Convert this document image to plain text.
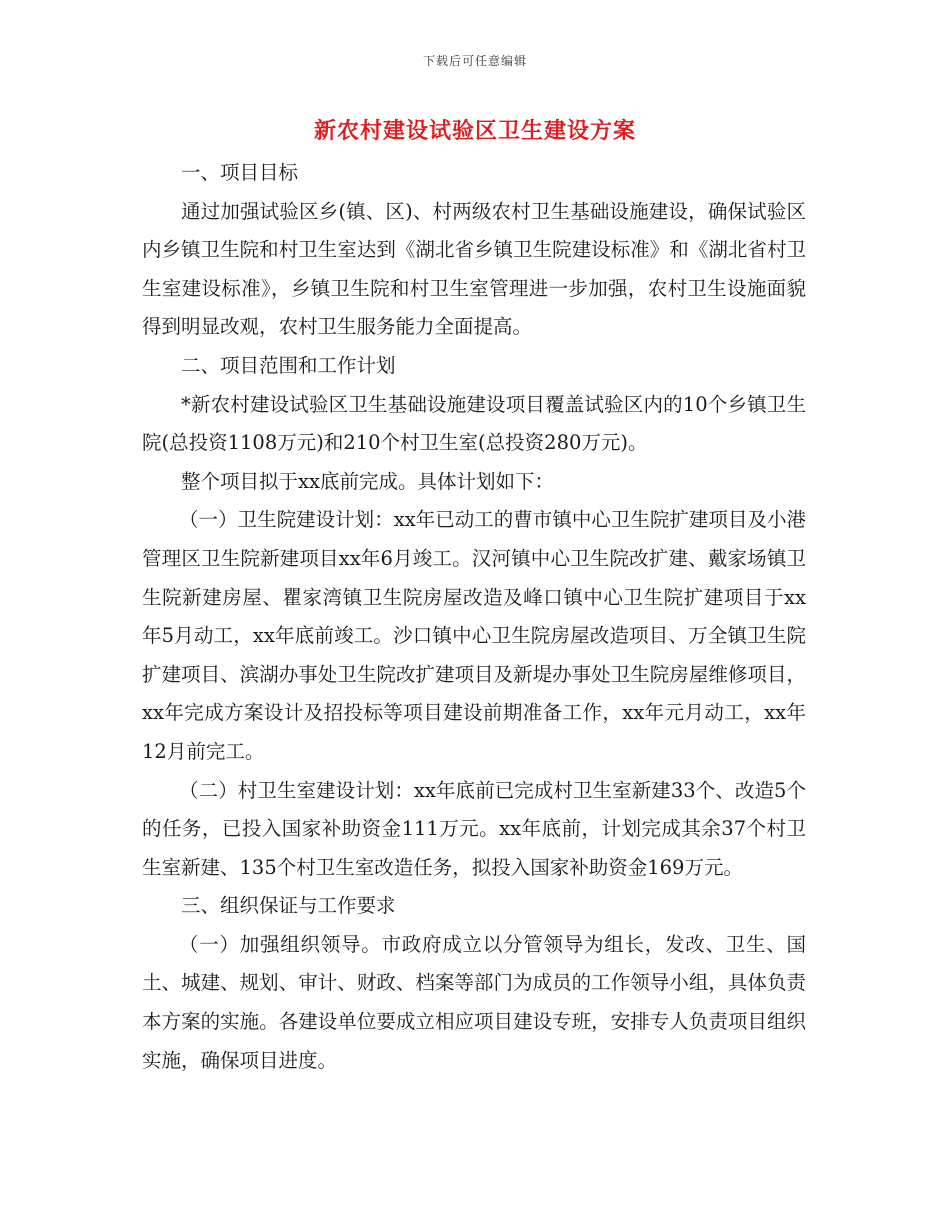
下载后可任意编辑
新农村建设试验区卫生建设方案

一、项目目标

通过加强试验区乡(镇、区)、村两级农村卫生基础设施建设，确保试验区内乡镇卫生院和村卫生室达到《湖北省乡镇卫生院建设标准》和《湖北省村卫生室建设标准》，乡镇卫生院和村卫生室管理进一步加强，农村卫生设施面貌得到明显改观，农村卫生服务能力全面提高。

二、项目范围和工作计划

*新农村建设试验区卫生基础设施建设项目覆盖试验区内的10个乡镇卫生院(总投资1108万元)和210个村卫生室(总投资280万元)。

整个项目拟于xx底前完成。具体计划如下：

（一）卫生院建设计划：xx年已动工的曹市镇中心卫生院扩建项目及小港管理区卫生院新建项目xx年6月竣工。汉河镇中心卫生院改扩建、戴家场镇卫生院新建房屋、瞿家湾镇卫生院房屋改造及峰口镇中心卫生院扩建项目于xx年5月动工，xx年底前竣工。沙口镇中心卫生院房屋改造项目、万全镇卫生院扩建项目、滨湖办事处卫生院改扩建项目及新堤办事处卫生院房屋维修项目，xx年完成方案设计及招投标等项目建设前期准备工作，xx年元月动工，xx年12月前完工。

（二）村卫生室建设计划：xx年底前已完成村卫生室新建33个、改造5个的任务，已投入国家补助资金111万元。xx年底前，计划完成其余37个村卫生室新建、135个村卫生室改造任务，拟投入国家补助资金169万元。

三、组织保证与工作要求

（一）加强组织领导。市政府成立以分管领导为组长，发改、卫生、国土、城建、规划、审计、财政、档案等部门为成员的工作领导小组，具体负责本方案的实施。各建设单位要成立相应项目建设专班，安排专人负责项目组织实施，确保项目进度。
